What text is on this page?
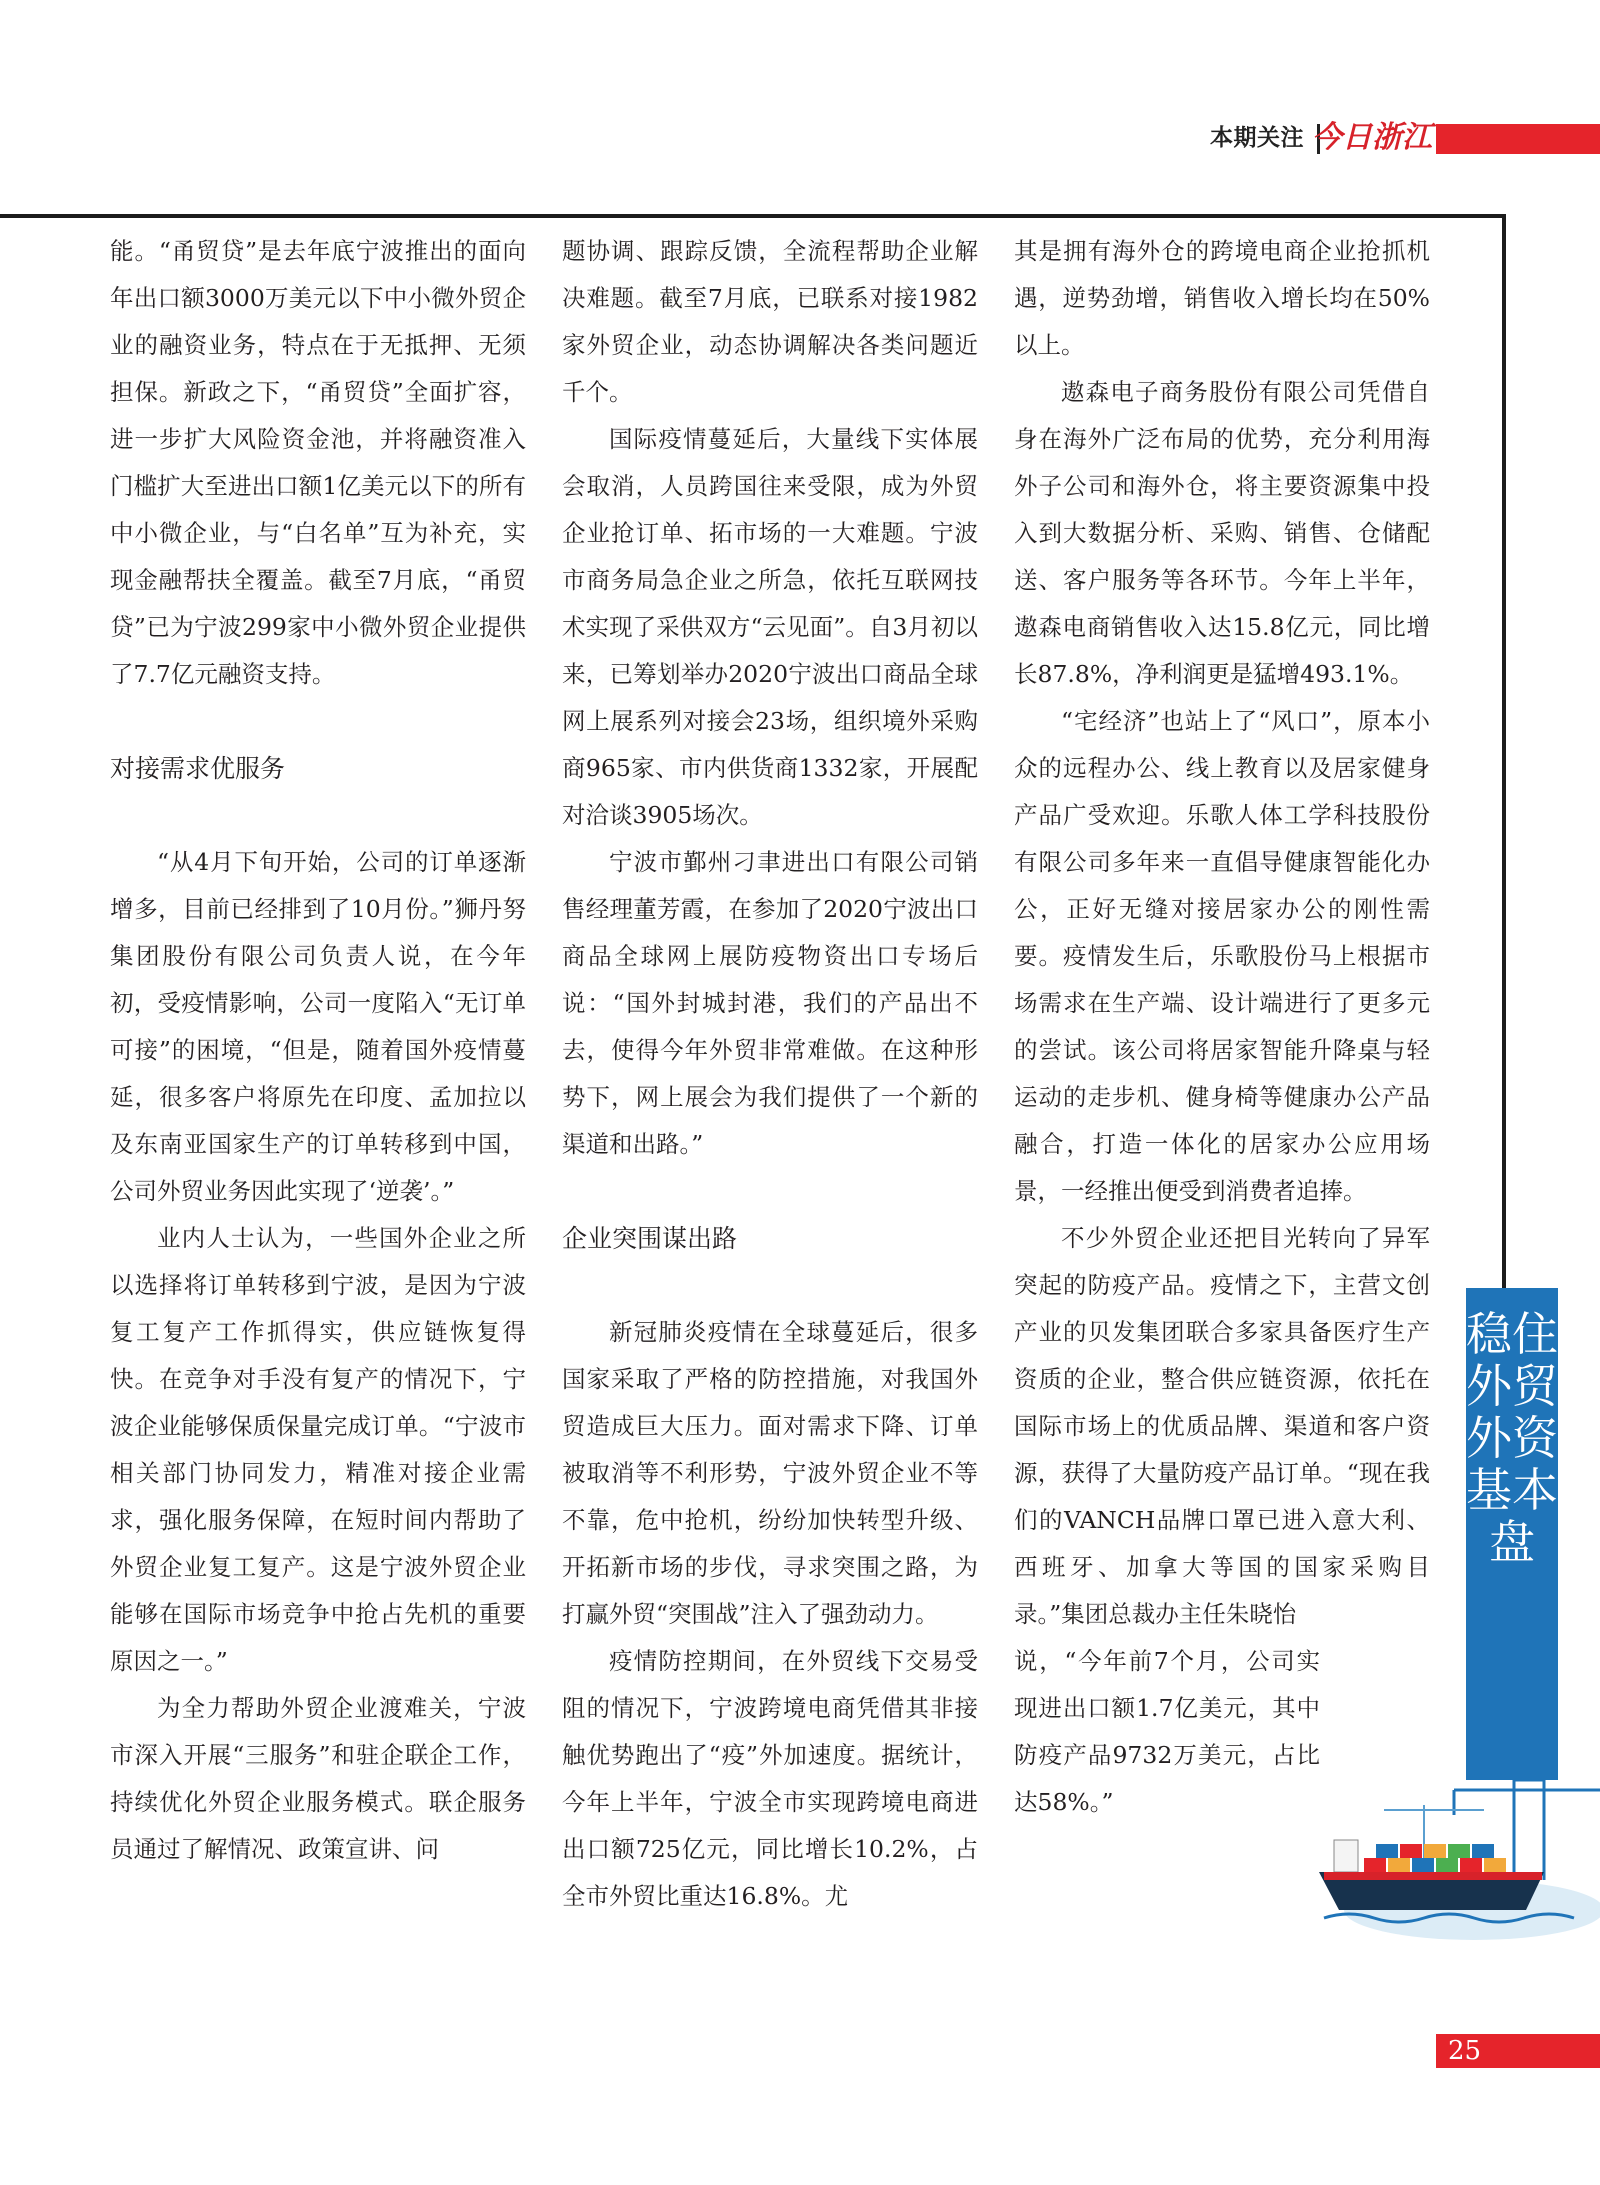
本期关注 今日浙江

能。“甬贸贷”是去年底宁波推出的面向年出口额3000万美元以下中小微外贸企业的融资业务，特点在于无抵押、无须担保。新政之下，“甬贸贷”全面扩容，进一步扩大风险资金池，并将融资准入门槛扩大至进出口额1亿美元以下的所有中小微企业，与“白名单”互为补充，实现金融帮扶全覆盖。截至7月底，“甬贸贷”已为宁波299家中小微外贸企业提供了7.7亿元融资支持。

对接需求优服务

“从4月下旬开始，公司的订单逐渐增多，目前已经排到了10月份。”狮丹努集团股份有限公司负责人说，在今年初，受疫情影响，公司一度陷入“无订单可接”的困境，“但是，随着国外疫情蔓延，很多客户将原先在印度、孟加拉以及东南亚国家生产的订单转移到中国，公司外贸业务因此实现了‘逆袭’。”

业内人士认为，一些国外企业之所以选择将订单转移到宁波，是因为宁波复工复产工作抓得实，供应链恢复得快。在竞争对手没有复产的情况下，宁波企业能够保质保量完成订单。“宁波市相关部门协同发力，精准对接企业需求，强化服务保障，在短时间内帮助了外贸企业复工复产。这是宁波外贸企业能够在国际市场竞争中抢占先机的重要原因之一。”

为全力帮助外贸企业渡难关，宁波市深入开展“三服务”和驻企联企工作，持续优化外贸企业服务模式。联企服务员通过了解情况、政策宣讲、问

题协调、跟踪反馈，全流程帮助企业解决难题。截至7月底，已联系对接1982家外贸企业，动态协调解决各类问题近千个。

国际疫情蔓延后，大量线下实体展会取消，人员跨国往来受限，成为外贸企业抢订单、拓市场的一大难题。宁波市商务局急企业之所急，依托互联网技术实现了采供双方“云见面”。自3月初以来，已筹划举办2020宁波出口商品全球网上展系列对接会23场，组织境外采购商965家、市内供货商1332家，开展配对洽谈3905场次。

宁波市鄞州刁聿进出口有限公司销售经理董芳霞，在参加了2020宁波出口商品全球网上展防疫物资出口专场后说：“国外封城封港，我们的产品出不去，使得今年外贸非常难做。在这种形势下，网上展会为我们提供了一个新的渠道和出路。”

企业突围谋出路

新冠肺炎疫情在全球蔓延后，很多国家采取了严格的防控措施，对我国外贸造成巨大压力。面对需求下降、订单被取消等不利形势，宁波外贸企业不等不靠，危中抢机，纷纷加快转型升级、开拓新市场的步伐，寻求突围之路，为打赢外贸“突围战”注入了强劲动力。

疫情防控期间，在外贸线下交易受阻的情况下，宁波跨境电商凭借其非接触优势跑出了“疫”外加速度。据统计，今年上半年，宁波全市实现跨境电商进出口额725亿元，同比增长10.2%，占全市外贸比重达16.8%。尤

其是拥有海外仓的跨境电商企业抢抓机遇，逆势劲增，销售收入增长均在50%以上。

遨森电子商务股份有限公司凭借自身在海外广泛布局的优势，充分利用海外子公司和海外仓，将主要资源集中投入到大数据分析、采购、销售、仓储配送、客户服务等各环节。今年上半年，遨森电商销售收入达15.8亿元，同比增长87.8%，净利润更是猛增493.1%。

“宅经济”也站上了“风口”，原本小众的远程办公、线上教育以及居家健身产品广受欢迎。乐歌人体工学科技股份有限公司多年来一直倡导健康智能化办公，正好无缝对接居家办公的刚性需要。疫情发生后，乐歌股份马上根据市场需求在生产端、设计端进行了更多元的尝试。该公司将居家智能升降桌与轻运动的走步机、健身椅等健康办公产品融合，打造一体化的居家办公应用场景，一经推出便受到消费者追捧。

不少外贸企业还把目光转向了异军突起的防疫产品。疫情之下，主营文创产业的贝发集团联合多家具备医疗生产资质的企业，整合供应链资源，依托在国际市场上的优质品牌、渠道和客户资源，获得了大量防疫产品订单。“现在我们的VANCH品牌口罩已进入意大利、西班牙、加拿大等国的国家采购目录。”集团总裁办主任朱晓怡

说，“今年前7个月，公司实现进出口额1.7亿美元，其中防疫产品9732万美元，占比达58%。”

稳住外贸外资基本盘
25
